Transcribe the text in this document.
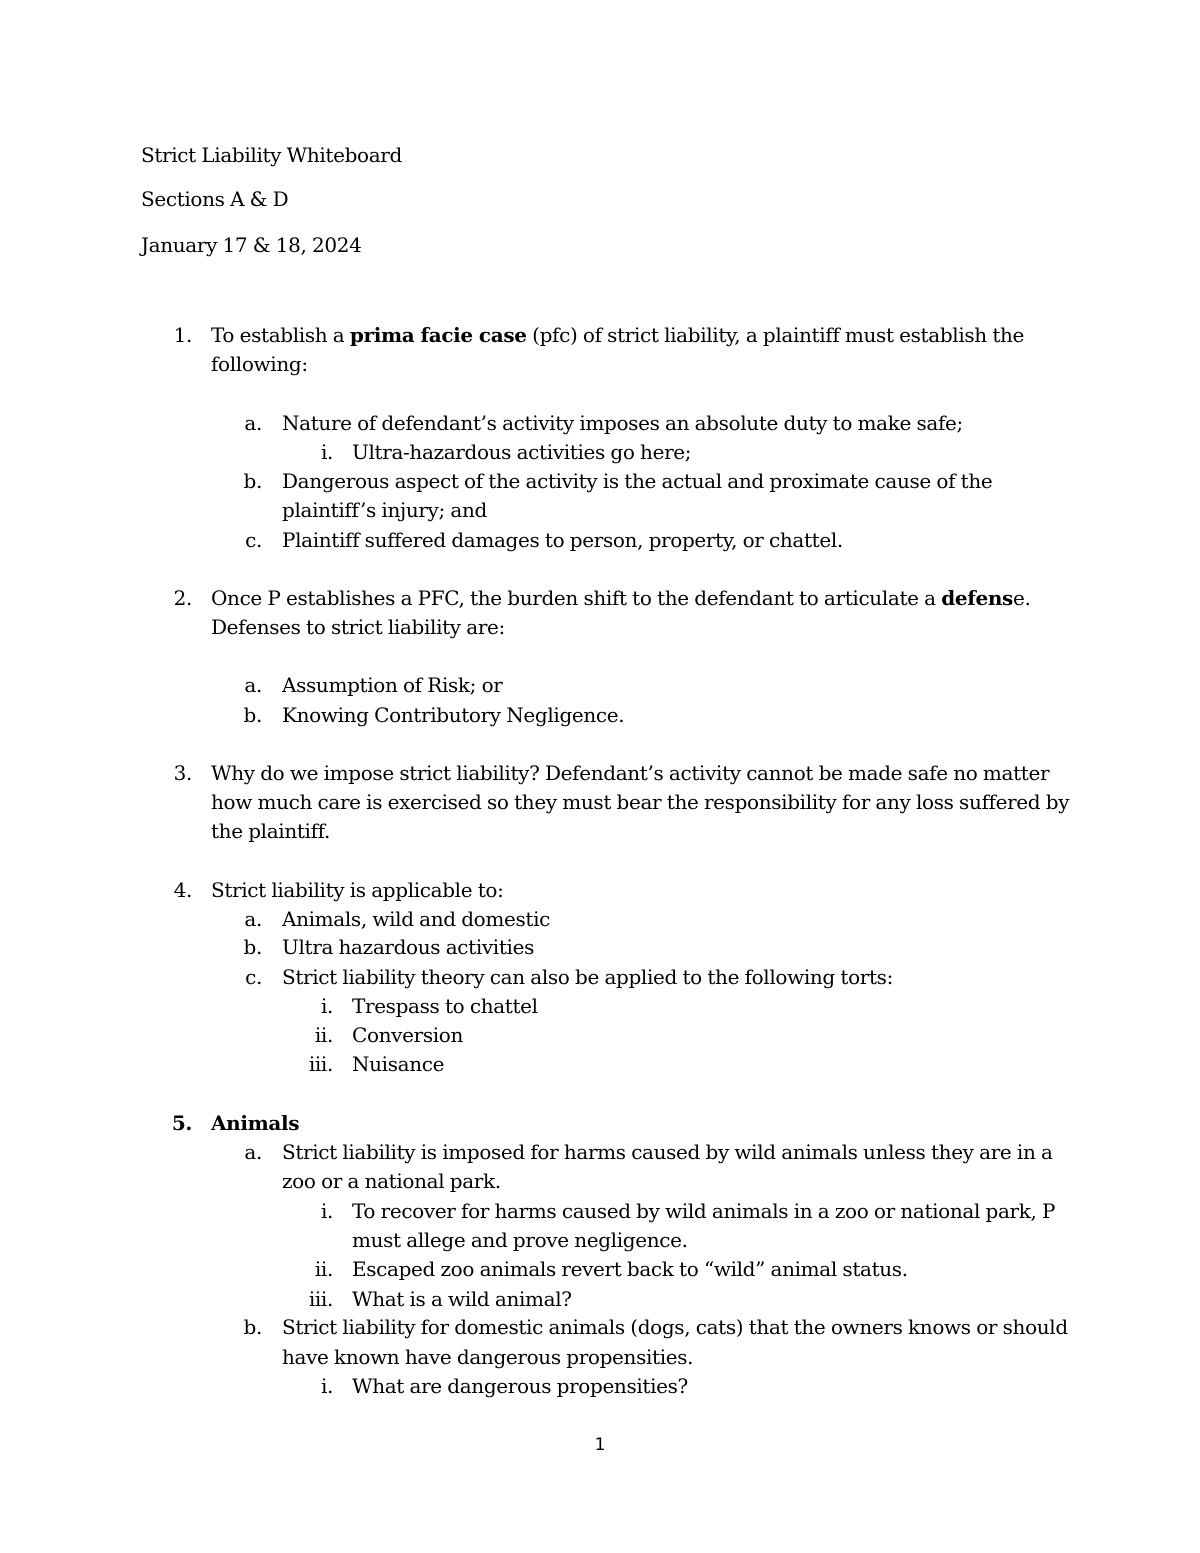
Strict Liability Whiteboard
Sections A & D
January 17 & 18, 2024
1. To establish a prima facie case (pfc) of strict liability, a plaintiff must establish the
following:
a. Nature of defendant’s activity imposes an absolute duty to make safe;
i. Ultra-hazardous activities go here;
b. Dangerous aspect of the activity is the actual and proximate cause of the
plaintiff’s injury; and
c. Plaintiff suffered damages to person, property, or chattel.
2. Once P establishes a PFC, the burden shift to the defendant to articulate a defense.
Defenses to strict liability are:
a. Assumption of Risk; or
b. Knowing Contributory Negligence.
3. Why do we impose strict liability? Defendant’s activity cannot be made safe no matter
how much care is exercised so they must bear the responsibility for any loss suffered by
the plaintiff.
4. Strict liability is applicable to:
a. Animals, wild and domestic
b. Ultra hazardous activities
c. Strict liability theory can also be applied to the following torts:
i. Trespass to chattel
ii. Conversion
iii. Nuisance
5. Animals
a. Strict liability is imposed for harms caused by wild animals unless they are in a
zoo or a national park.
i. To recover for harms caused by wild animals in a zoo or national park, P
must allege and prove negligence.
ii. Escaped zoo animals revert back to “wild” animal status.
iii. What is a wild animal?
b. Strict liability for domestic animals (dogs, cats) that the owners knows or should
have known have dangerous propensities.
i. What are dangerous propensities?
1
